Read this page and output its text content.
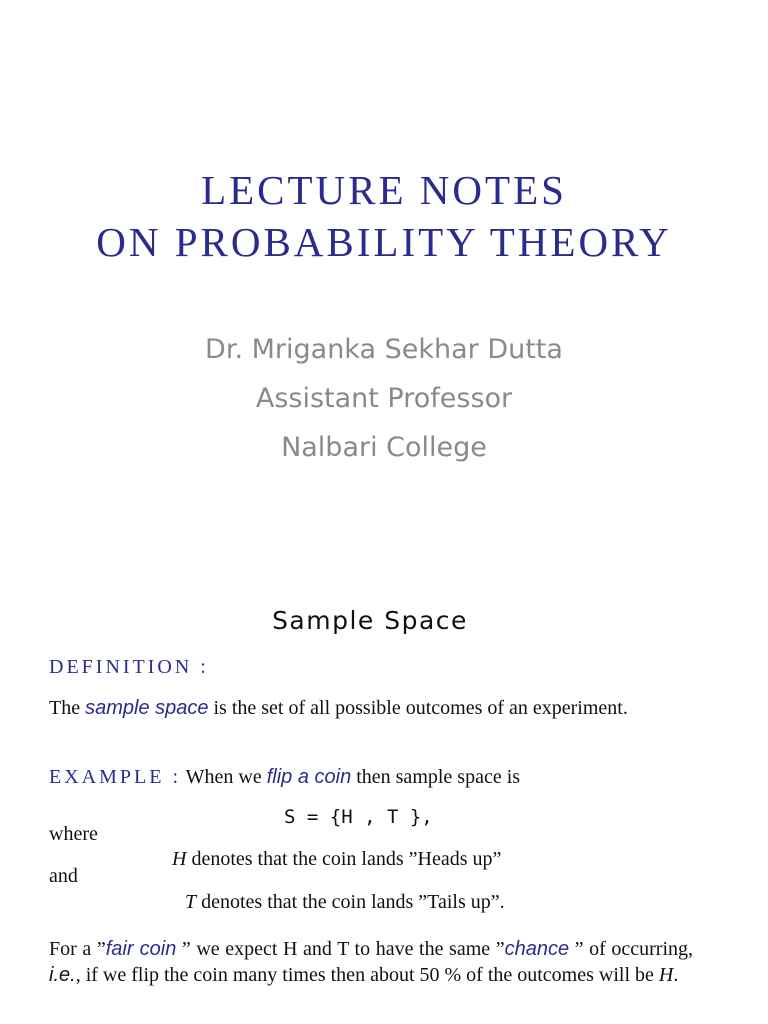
LECTURE NOTES
ON PROBABILITY THEORY
Dr. Mriganka Sekhar Dutta
Assistant Professor
Nalbari College
Sample Space
DEFINITION :
The sample space is the set of all possible outcomes of an experiment.
EXAMPLE : When we flip a coin then sample space is
S = {H , T },
where
H denotes that the coin lands ”Heads up”
and
T denotes that the coin lands ”Tails up”.
For a ”fair coin ” we expect H and T to have the same ”chance ” of occurring, i.e., if we flip the coin many times then about 50 % of the outcomes will be H.
